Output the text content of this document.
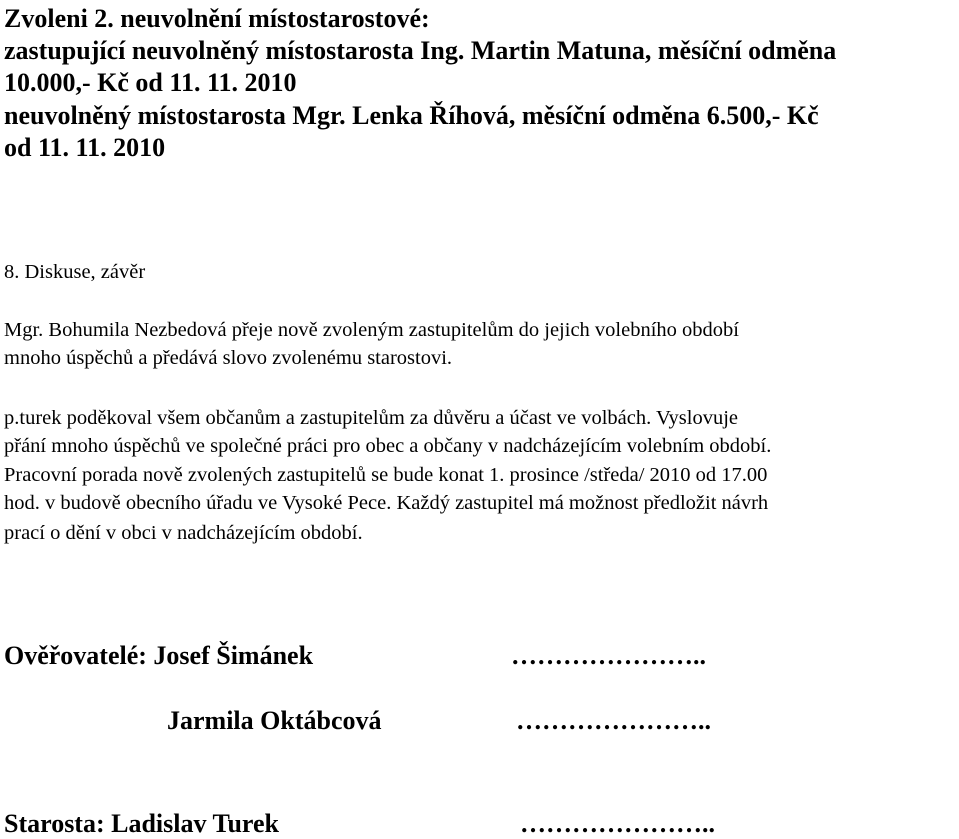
Zvoleni 2. neuvolnění místostarostové:
zastupující neuvolněný místostarosta Ing. Martin Matuna, měsíční odměna
10.000,- Kč od 11. 11. 2010
neuvolněný místostarosta Mgr. Lenka Říhová, měsíční odměna 6.500,- Kč
od 11. 11. 2010
8. Diskuse, závěr
Mgr. Bohumila Nezbedová přeje nově zvoleným zastupitelům do jejich volebního období
mnoho úspěchů a předává slovo zvolenému starostovi.
p.turek poděkoval všem občanům a zastupitelům za důvěru a účast ve volbách. Vyslovuje
přání mnoho úspěchů ve společné práci pro obec a občany v nadcházejícím volebním období.
Pracovní porada nově zvolených zastupitelů se bude konat 1. prosince /středa/ 2010 od 17.00
hod. v budově obecního úřadu ve Vysoké Pece. Každý zastupitel má možnost předložit návrh
prací o dění v obci v nadcházejícím období.
Ověřovatelé: Josef Šimánek	…………………..
Jarmila Oktábcová	…………………..
Starosta: Ladislav Turek	…………………..
